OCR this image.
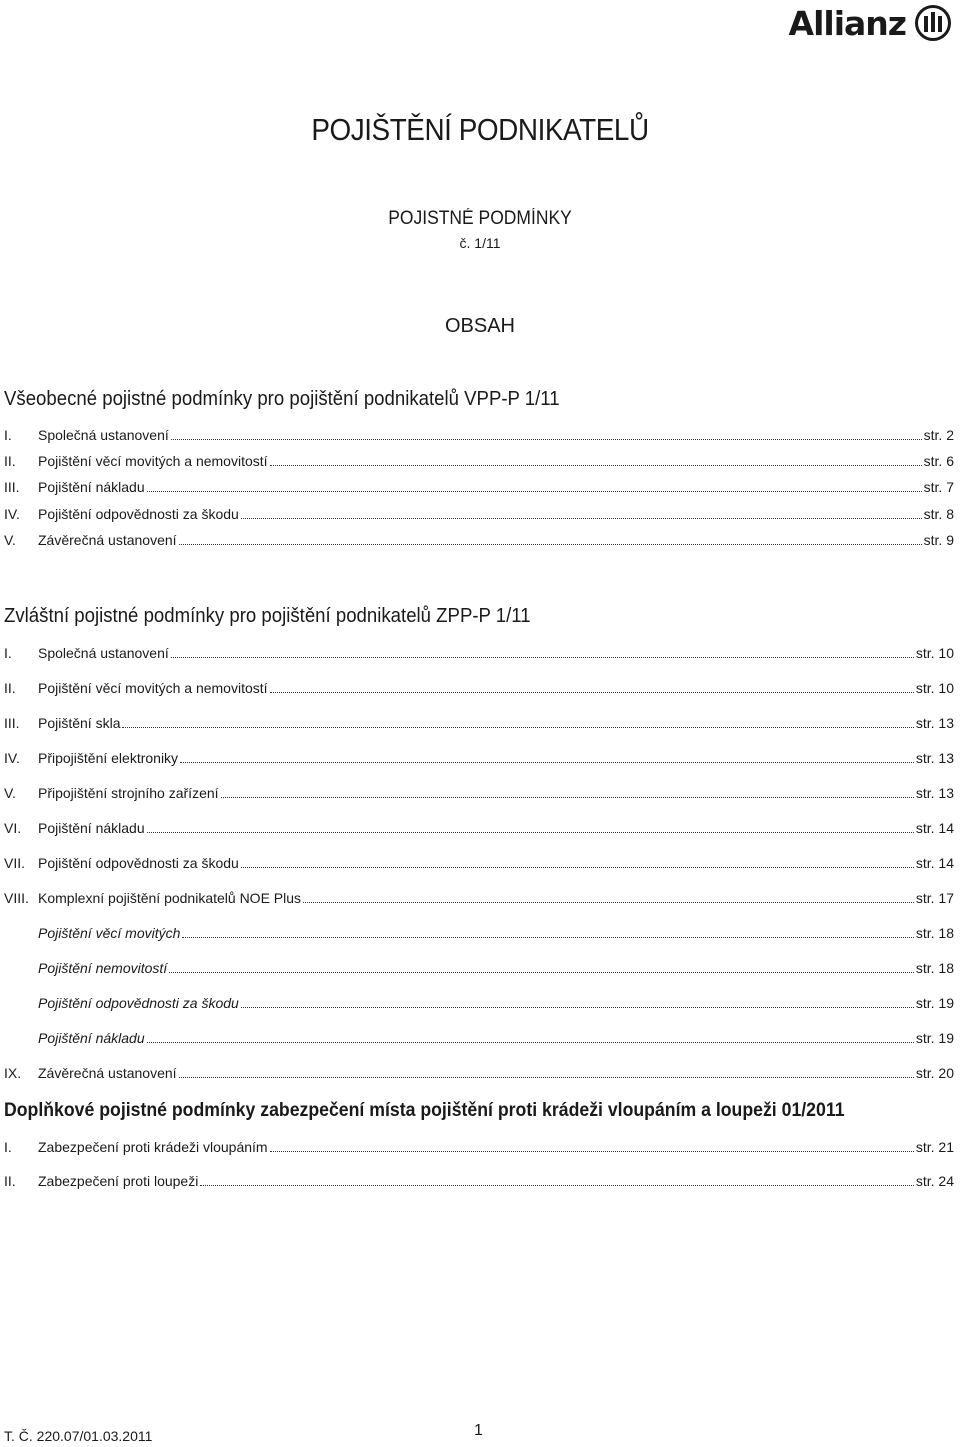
Allianz
POJIŠTĚNÍ PODNIKATELŮ
POJISTNÉ PODMÍNKY
č. 1/11
OBSAH
Všeobecné pojistné podmínky pro pojištění podnikatelů VPP-P 1/11
I. Společná ustanovení	str. 2
II. Pojištění věcí movitých a nemovitostí	str. 6
III. Pojištění nákladu	str. 7
IV. Pojištění odpovědnosti za škodu	str. 8
V. Závěrečná ustanovení	str. 9
Zvláštní pojistné podmínky pro pojištění podnikatelů ZPP-P 1/11
I. Společná ustanovení	str. 10
II. Pojištění věcí movitých a nemovitostí	str. 10
III. Pojištění skla	str. 13
IV. Připojištění elektroniky	str. 13
V. Připojištění strojního zařízení	str. 13
VI. Pojištění nákladu	str. 14
VII. Pojištění odpovědnosti za škodu	str. 14
VIII. Komplexní pojištění podnikatelů NOE Plus	str. 17
Pojištění věcí movitých	str. 18
Pojištění nemovitostí	str. 18
Pojištění odpovědnosti za škodu	str. 19
Pojištění nákladu	str. 19
IX. Závěrečná ustanovení	str. 20
Doplňkové pojistné podmínky zabezpečení místa pojištění proti krádeži vloupáním a loupeži 01/2011
I. Zabezpečení proti krádeži vloupáním	str. 21
II. Zabezpečení proti loupeži	str. 24
T. Č. 220.07/01.03.2011	1
